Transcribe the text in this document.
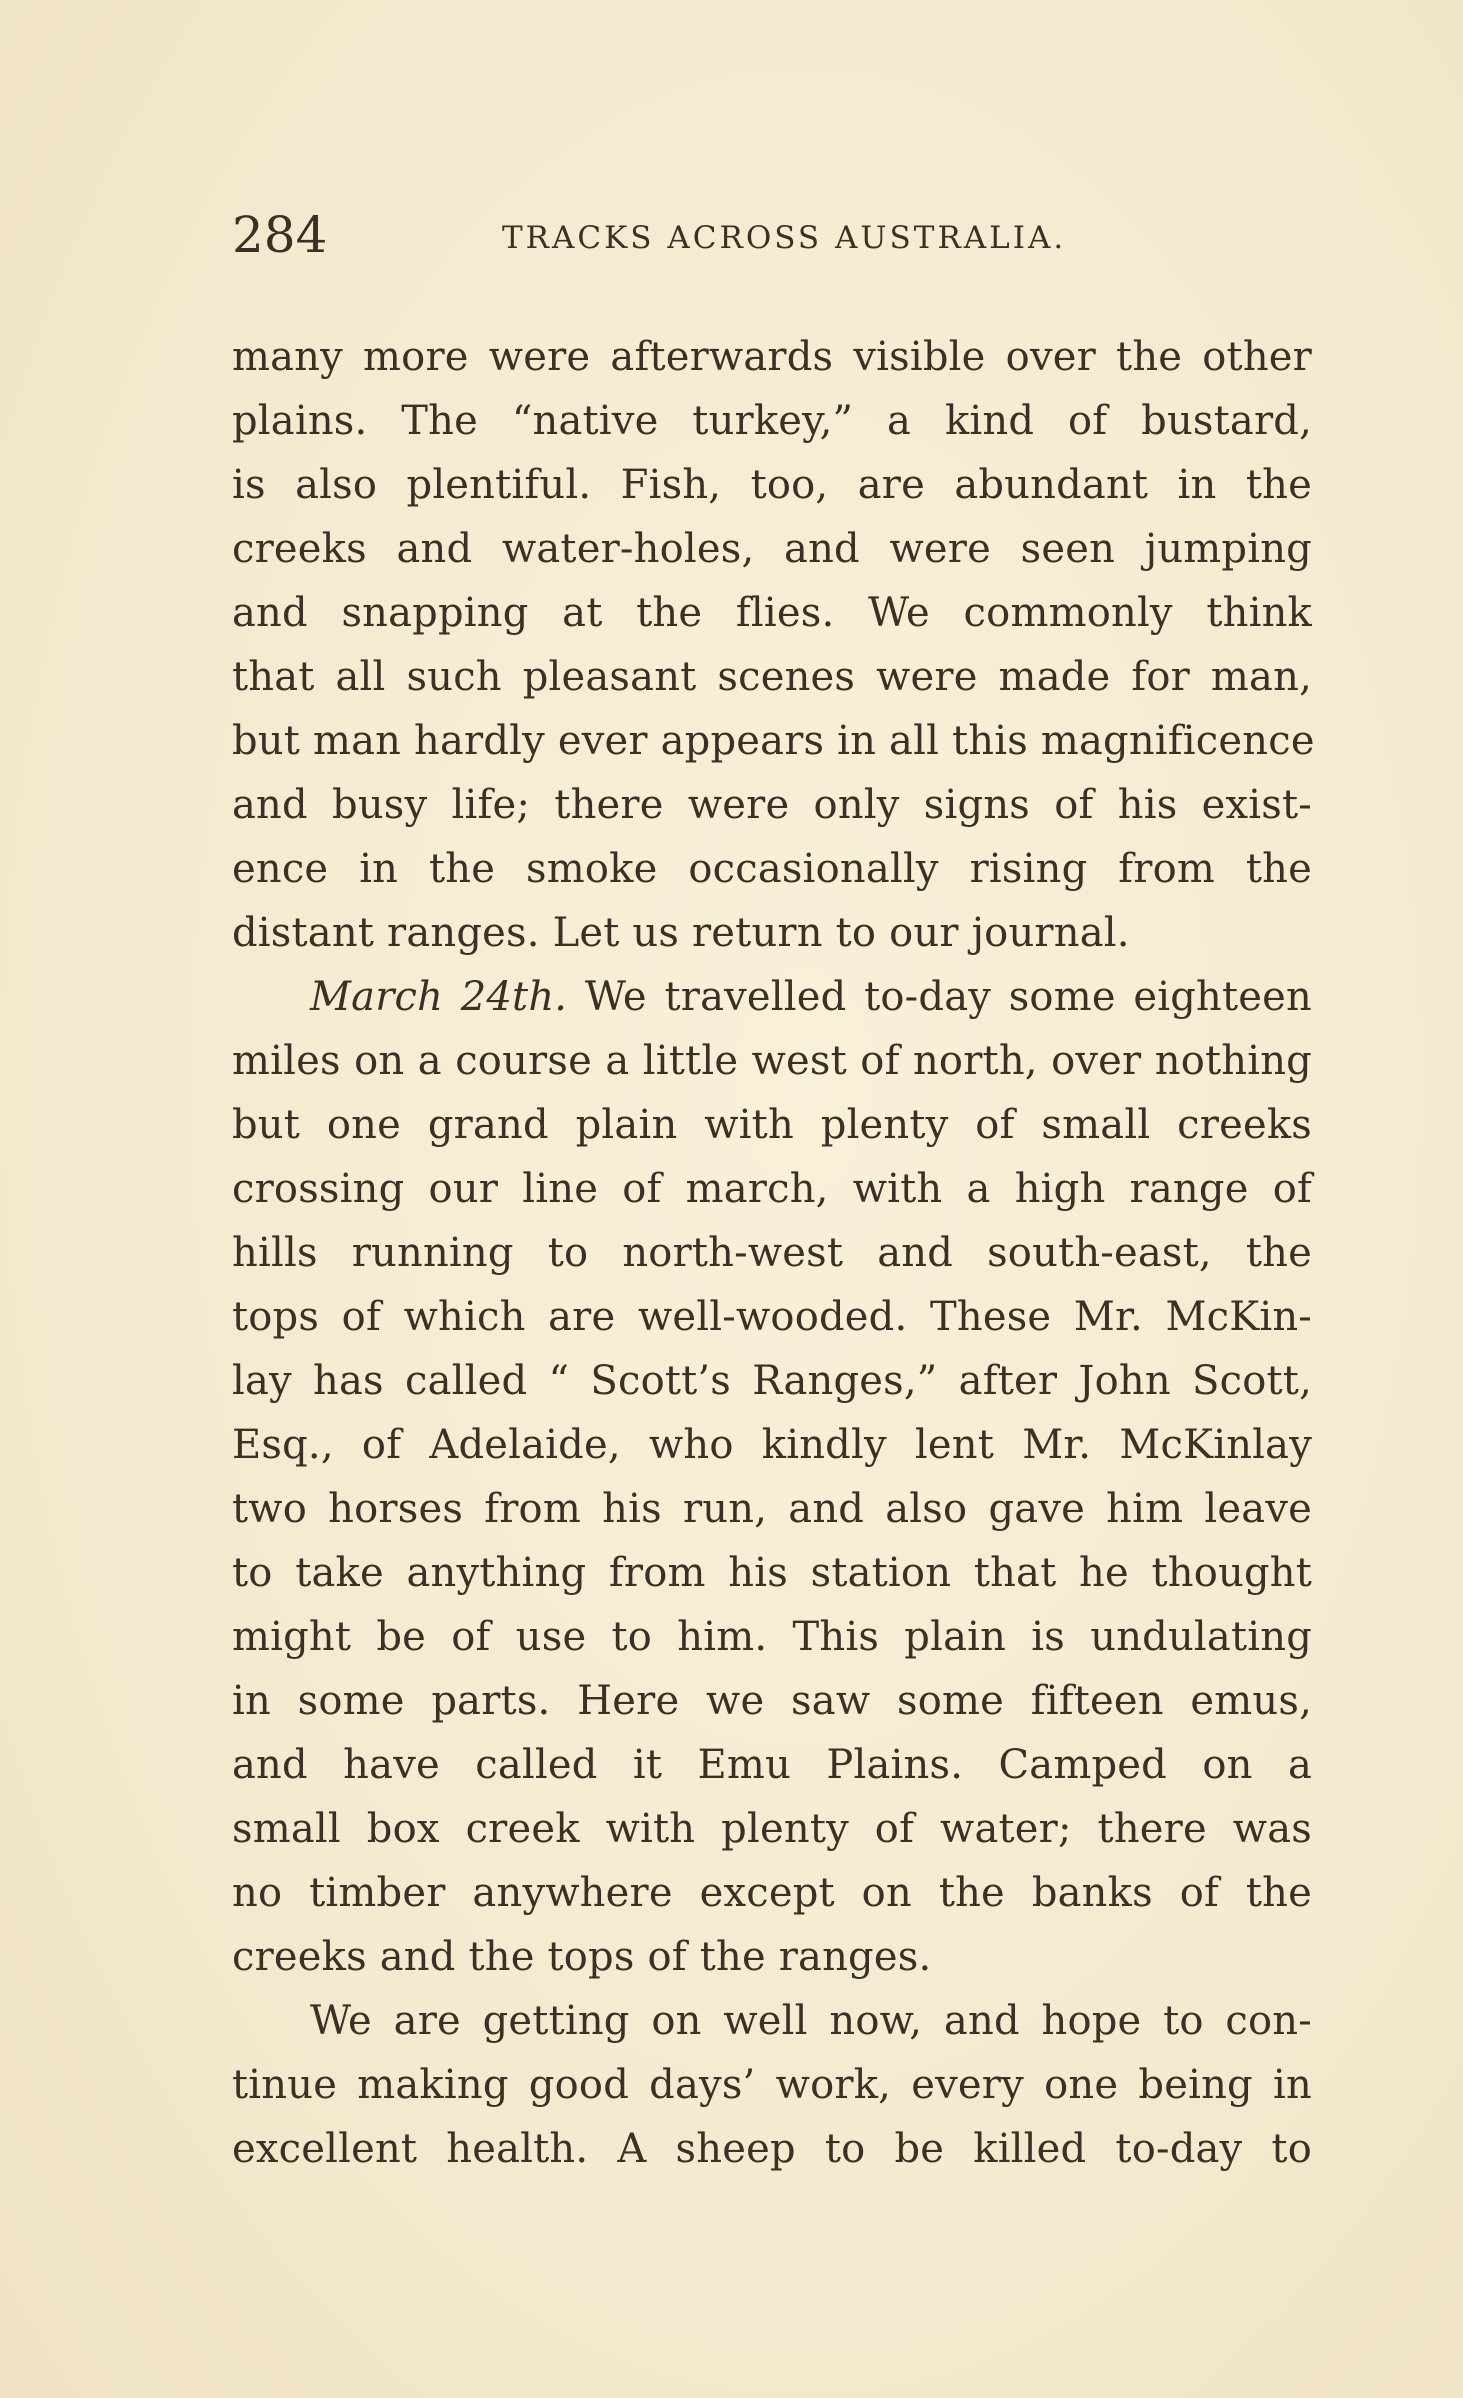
284	TRACKS ACROSS AUSTRALIA.
many more were afterwards visible over the other
plains. The “native turkey,” a kind of bustard,
is also plentiful. Fish, too, are abundant in the
creeks and water-holes, and were seen jumping
and snapping at the flies. We commonly think
that all such pleasant scenes were made for man,
but man hardly ever appears in all this magnificence
and busy life; there were only signs of his exist-
ence in the smoke occasionally rising from the
distant ranges. Let us return to our journal.
March 24th. We travelled to-day some eighteen
miles on a course a little west of north, over nothing
but one grand plain with plenty of small creeks
crossing our line of march, with a high range of
hills running to north-west and south-east, the
tops of which are well-wooded. These Mr. McKin-
lay has called “ Scott’s Ranges,” after John Scott,
Esq., of Adelaide, who kindly lent Mr. McKinlay
two horses from his run, and also gave him leave
to take anything from his station that he thought
might be of use to him. This plain is undulating
in some parts. Here we saw some fifteen emus,
and have called it Emu Plains. Camped on a
small box creek with plenty of water; there was
no timber anywhere except on the banks of the
creeks and the tops of the ranges.
We are getting on well now, and hope to con-
tinue making good days’ work, every one being in
excellent health. A sheep to be killed to-day to
